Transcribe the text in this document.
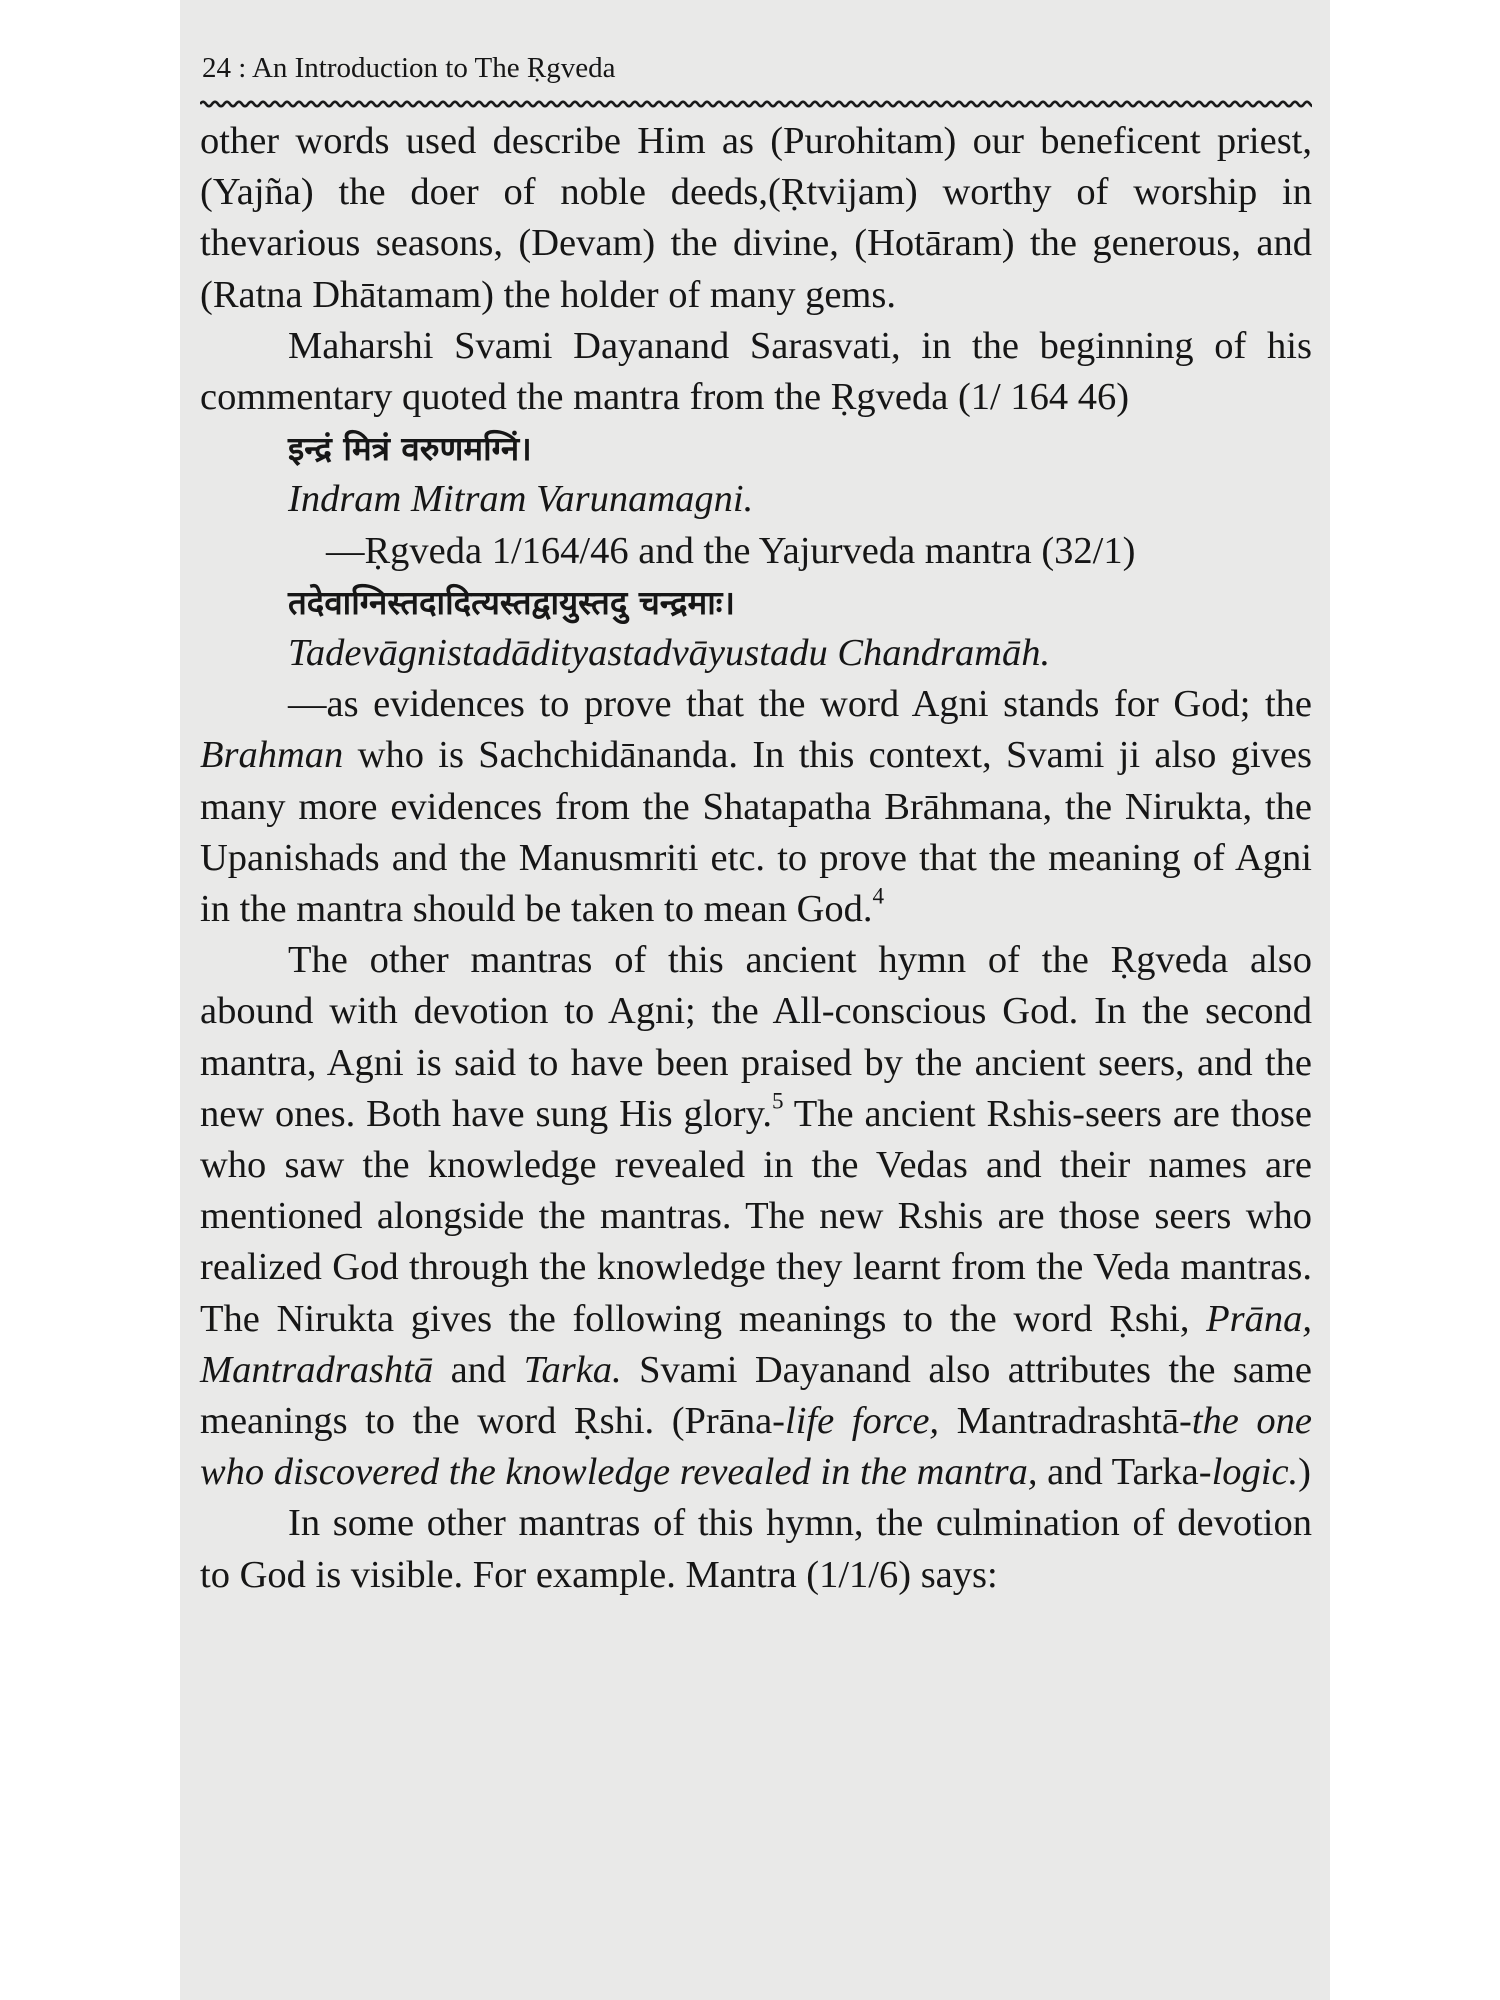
24 : An Introduction to The Ṛgveda

other words used describe Him as (Purohitam) our beneficent priest, (Yajña) the doer of noble deeds,(Ṛtvijam) worthy of worship in thevarious seasons, (Devam) the divine, (Hotāram) the generous, and (Ratna Dhātamam) the holder of many gems.

Maharshi Svami Dayanand Sarasvati, in the beginning of his commentary quoted the mantra from the Ṛgveda (1/ 164 46)

इन्द्रं मित्रं वरुणमग्निं।
Indram Mitram Varunamagni.
—Ṛgveda 1/164/46 and the Yajurveda mantra (32/1)
तदेवाग्निस्तदादित्यस्तद्वायुस्तदु चन्द्रमाः।
Tadevāgnistadādityastadvāyustadu Chandramāh.

—as evidences to prove that the word Agni stands for God; the Brahman who is Sachchidānanda. In this context, Svami ji also gives many more evidences from the Shatapatha Brāhmana, the Nirukta, the Upanishads and the Manusmriti etc. to prove that the meaning of Agni in the mantra should be taken to mean God.$^4$

The other mantras of this ancient hymn of the Ṛgveda also abound with devotion to Agni; the All-conscious God. In the second mantra, Agni is said to have been praised by the ancient seers, and the new ones. Both have sung His glory.$^5$ The ancient Rshis-seers are those who saw the knowledge revealed in the Vedas and their names are mentioned alongside the mantras. The new Rshis are those seers who realized God through the knowledge they learnt from the Veda mantras. The Nirukta gives the following meanings to the word Ṛshi, Prāna, Mantradrashtā and Tarka. Svami Dayanand also attributes the same meanings to the word Ṛshi. (Prāna-life force, Mantradrashtā-the one who discovered the knowledge revealed in the mantra, and Tarka-logic.)

In some other mantras of this hymn, the culmination of devotion to God is visible. For example. Mantra (1/1/6) says:
